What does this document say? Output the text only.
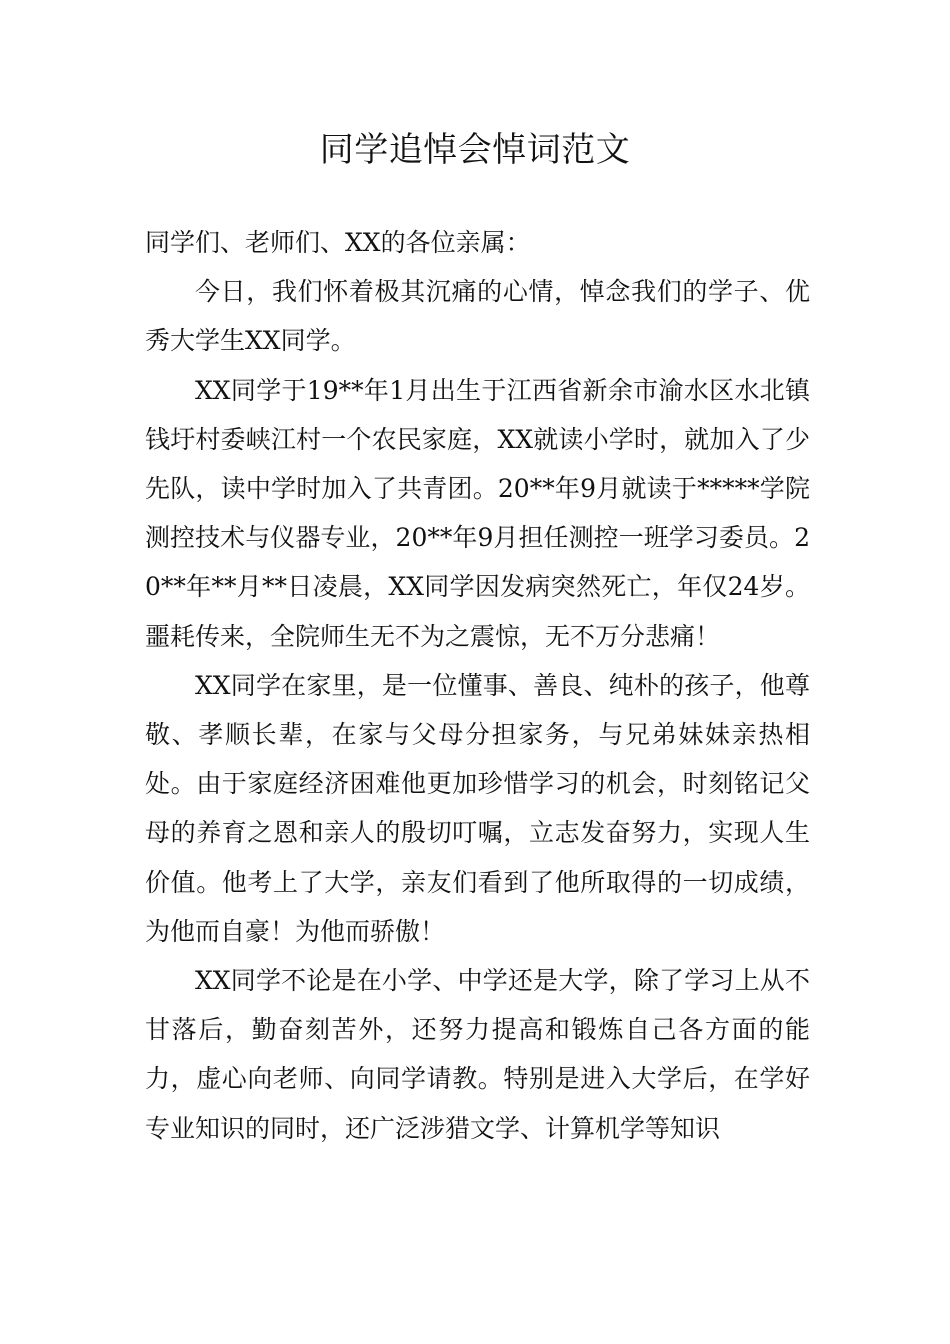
同学追悼会悼词范文

同学们、老师们、XX的各位亲属：

今日，我们怀着极其沉痛的心情，悼念我们的学子、优秀大学生XX同学。

XX同学于19**年1月出生于江西省新余市渝水区水北镇钱圩村委峡江村一个农民家庭，XX就读小学时，就加入了少先队，读中学时加入了共青团。20**年9月就读于*****学院测控技术与仪器专业，20**年9月担任测控一班学习委员。20**年**月**日凌晨，XX同学因发病突然死亡，年仅24岁。噩耗传来，全院师生无不为之震惊，无不万分悲痛！

XX同学在家里，是一位懂事、善良、纯朴的孩子，他尊敬、孝顺长辈，在家与父母分担家务，与兄弟妹妹亲热相处。由于家庭经济困难他更加珍惜学习的机会，时刻铭记父母的养育之恩和亲人的殷切叮嘱，立志发奋努力，实现人生价值。他考上了大学，亲友们看到了他所取得的一切成绩，为他而自豪！为他而骄傲！

XX同学不论是在小学、中学还是大学，除了学习上从不甘落后，勤奋刻苦外，还努力提高和锻炼自己各方面的能力，虚心向老师、向同学请教。特别是进入大学后，在学好专业知识的同时，还广泛涉猎文学、计算机学等知识
